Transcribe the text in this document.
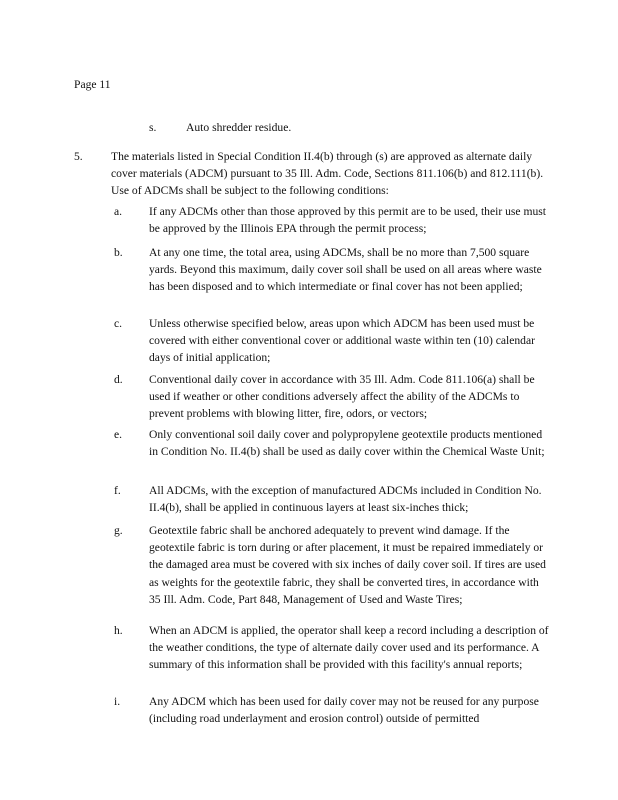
Page 11
s.	Auto shredder residue.
5. The materials listed in Special Condition II.4(b) through (s) are approved as alternate daily cover materials (ADCM) pursuant to 35 Ill. Adm. Code, Sections 811.106(b) and 812.111(b). Use of ADCMs shall be subject to the following conditions:
a. If any ADCMs other than those approved by this permit are to be used, their use must be approved by the Illinois EPA through the permit process;
b. At any one time, the total area, using ADCMs, shall be no more than 7,500 square yards. Beyond this maximum, daily cover soil shall be used on all areas where waste has been disposed and to which intermediate or final cover has not been applied;
c. Unless otherwise specified below, areas upon which ADCM has been used must be covered with either conventional cover or additional waste within ten (10) calendar days of initial application;
d. Conventional daily cover in accordance with 35 Ill. Adm. Code 811.106(a) shall be used if weather or other conditions adversely affect the ability of the ADCMs to prevent problems with blowing litter, fire, odors, or vectors;
e. Only conventional soil daily cover and polypropylene geotextile products mentioned in Condition No. II.4(b) shall be used as daily cover within the Chemical Waste Unit;
f. All ADCMs, with the exception of manufactured ADCMs included in Condition No. II.4(b), shall be applied in continuous layers at least six-inches thick;
g. Geotextile fabric shall be anchored adequately to prevent wind damage. If the geotextile fabric is torn during or after placement, it must be repaired immediately or the damaged area must be covered with six inches of daily cover soil. If tires are used as weights for the geotextile fabric, they shall be converted tires, in accordance with 35 Ill. Adm. Code, Part 848, Management of Used and Waste Tires;
h. When an ADCM is applied, the operator shall keep a record including a description of the weather conditions, the type of alternate daily cover used and its performance. A summary of this information shall be provided with this facility's annual reports;
i. Any ADCM which has been used for daily cover may not be reused for any purpose (including road underlayment and erosion control) outside of permitted
